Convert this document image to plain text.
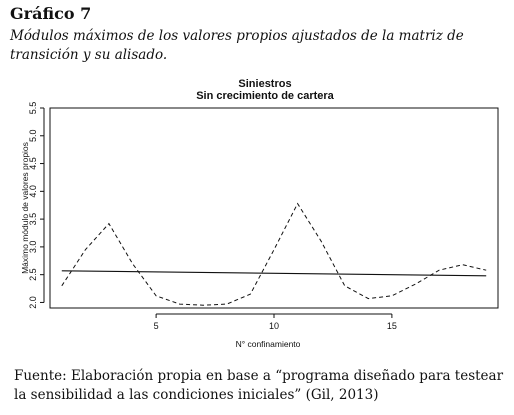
Gráfico 7

Módulos máximos de los valores propios ajustados de la matriz de transición y su alisado.

Siniestros
Sin crecimiento de cartera
2.0
2.5
3.0
3.5
4.0
4.5
5.0
5.5
5	10	15
N° confinamiento
Máximo módulo de valores propios

Fuente: Elaboración propia en base a “programa diseñado para testear la sensibilidad a las condiciones iniciales” (Gil, 2013)
